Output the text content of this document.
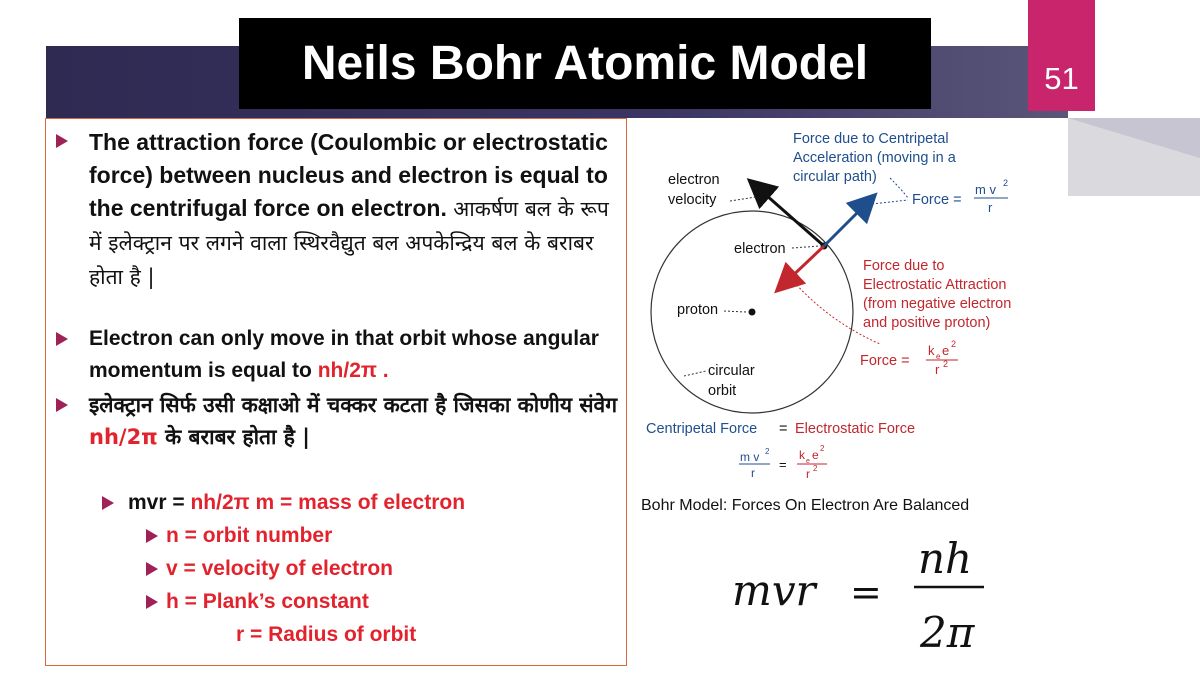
Neils Bohr Atomic Model	51
The attraction force (Coulombic or electrostatic force) between nucleus and electron is equal to the centrifugal force on electron. आकर्षण बल के रूप में इलेक्ट्रान पर लगने वाला स्थिरवैद्युत बल अपकेन्द्रिय बल के बराबर होता है |
Electron can only move in that orbit whose angular momentum is equal to nh/2π .
इलेक्ट्रान सिर्फ उसी कक्षाओ में चक्कर कटता है जिसका कोणीय संवेग nh/2π के बराबर होता है |
mvr = nh/2π m = mass of electron
n = orbit number
v = velocity of electron
h = Plank’s constant
r = Radius of orbit
Force due to Centripetal
Acceleration (moving in a
circular path)
Force =
m v 2
r
electron
velocity
electron
proton
circular
orbit
Force due to
Electrostatic Attraction
(from negative electron
and positive proton)
Force =
k e e 2
r 2
Centripetal Force = Electrostatic Force
m v 2
r
=
k e e 2
r 2
Bohr Model: Forces On Electron Are Balanced
mvr =
nh
2π
